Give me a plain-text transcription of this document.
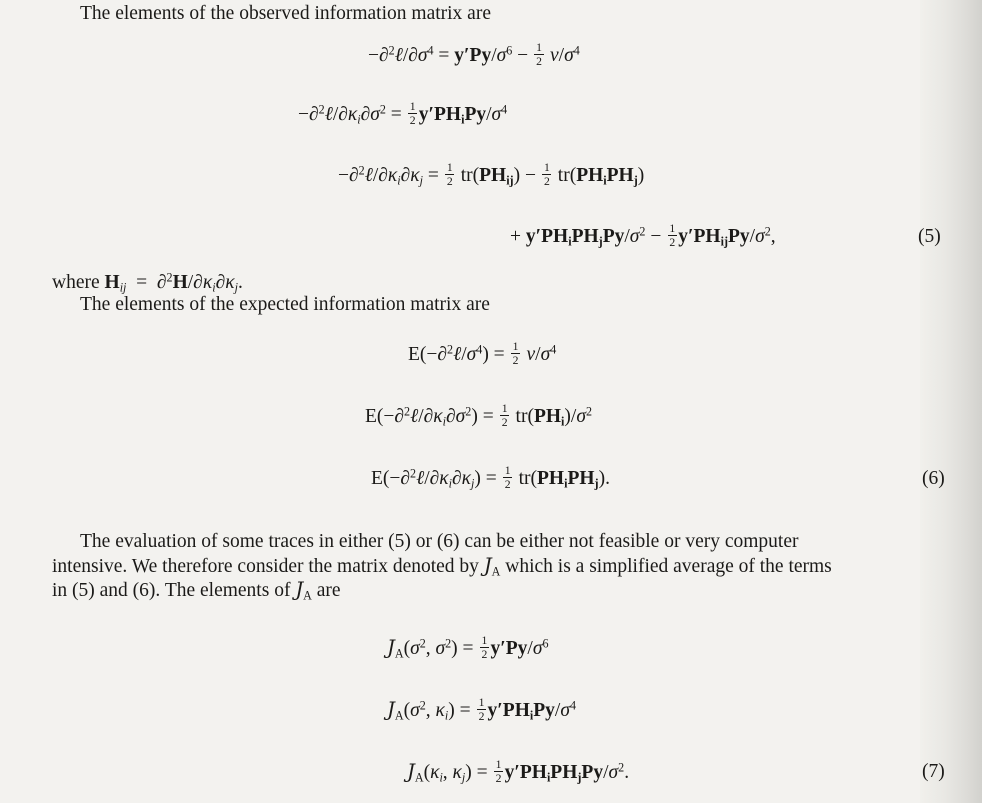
The elements of the observed information matrix are
$-\partial^2\ell/\partial\sigma^4 = y'Py/\sigma^6 - \frac{1}{2} \nu/\sigma^4$
$-\partial^2\ell/\partial\kappa_i\partial\sigma^2 = \frac{1}{2} y'PH_iPy/\sigma^4$
$-\partial^2\ell/\partial\kappa_i\partial\kappa_j = \frac{1}{2} tr(PH_{ij}) - \frac{1}{2} tr(PH_iPH_j)$
+ $y'PH_iPH_jPy/\sigma^2 - \frac{1}{2} y'PH_{ij}Py/\sigma^2$,	(5)
where $H_{ij} = \partial^2H/\partial\kappa_i\partial\kappa_j$.
The elements of the expected information matrix are
$E(-\partial^2\ell/\sigma^4) = \frac{1}{2} \nu/\sigma^4$
$E(-\partial^2\ell/\partial\kappa_i\partial\sigma^2) = \frac{1}{2} tr(PH_i)/\sigma^2$
$E(-\partial^2\ell/\partial\kappa_i\partial\kappa_j) = \frac{1}{2} tr(PH_iPH_j)$.	(6)
The evaluation of some traces in either (5) or (6) can be either not feasible or very computer
intensive. We therefore consider the matrix denoted by $J_A$ which is a simplified average of the terms
in (5) and (6). The elements of $J_A$ are
$J_A(\sigma^2$, $\sigma^2) = \frac{1}{2} y'Py/\sigma^6$
$J_A(\sigma^2$, $\kappa_i) = \frac{1}{2} y'PH_iPy/\sigma^4$
$J_A(\kappa_i$, $\kappa_j) = \frac{1}{2} y'PH_iPH_jPy/\sigma^2$.	(7)
